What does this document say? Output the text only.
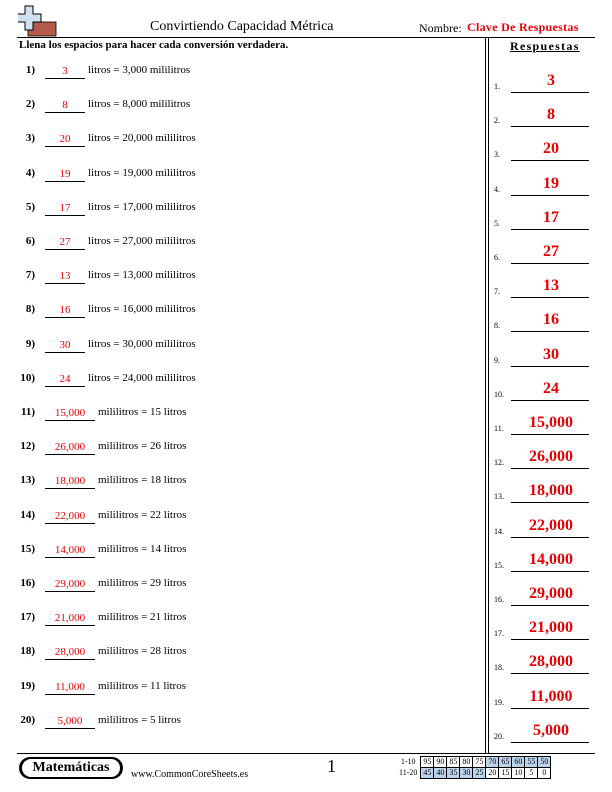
Convirtiendo Capacidad Métrica	Nombre: Clave De Respuestas
Llena los espacios para hacer cada conversión verdadera.	Respuestas
1)	3	litros = 3,000 mililitros
2)	8	litros = 8,000 mililitros
3)	20	litros = 20,000 mililitros
4)	19	litros = 19,000 mililitros
5)	17	litros = 17,000 mililitros
6)	27	litros = 27,000 mililitros
7)	13	litros = 13,000 mililitros
8)	16	litros = 16,000 mililitros
9)	30	litros = 30,000 mililitros
10)	24	litros = 24,000 mililitros
11)	15,000	mililitros = 15 litros
12)	26,000	mililitros = 26 litros
13)	18,000	mililitros = 18 litros
14)	22,000	mililitros = 22 litros
15)	14,000	mililitros = 14 litros
16)	29,000	mililitros = 29 litros
17)	21,000	mililitros = 21 litros
18)	28,000	mililitros = 28 litros
19)	11,000	mililitros = 11 litros
20)	5,000	mililitros = 5 litros
1.	3
2.	8
3.	20
4.	19
5.	17
6.	27
7.	13
8.	16
9.	30
10.	24
11.	15,000
12.	26,000
13.	18,000
14.	22,000
15.	14,000
16.	29,000
17.	21,000
18.	28,000
19.	11,000
20.	5,000
Matemáticas	www.CommonCoreSheets.es	1	1-10	95	90	85	80	75	70	65	60	55	50
11-20	45	40	35	30	25	20	15	10	5	0
